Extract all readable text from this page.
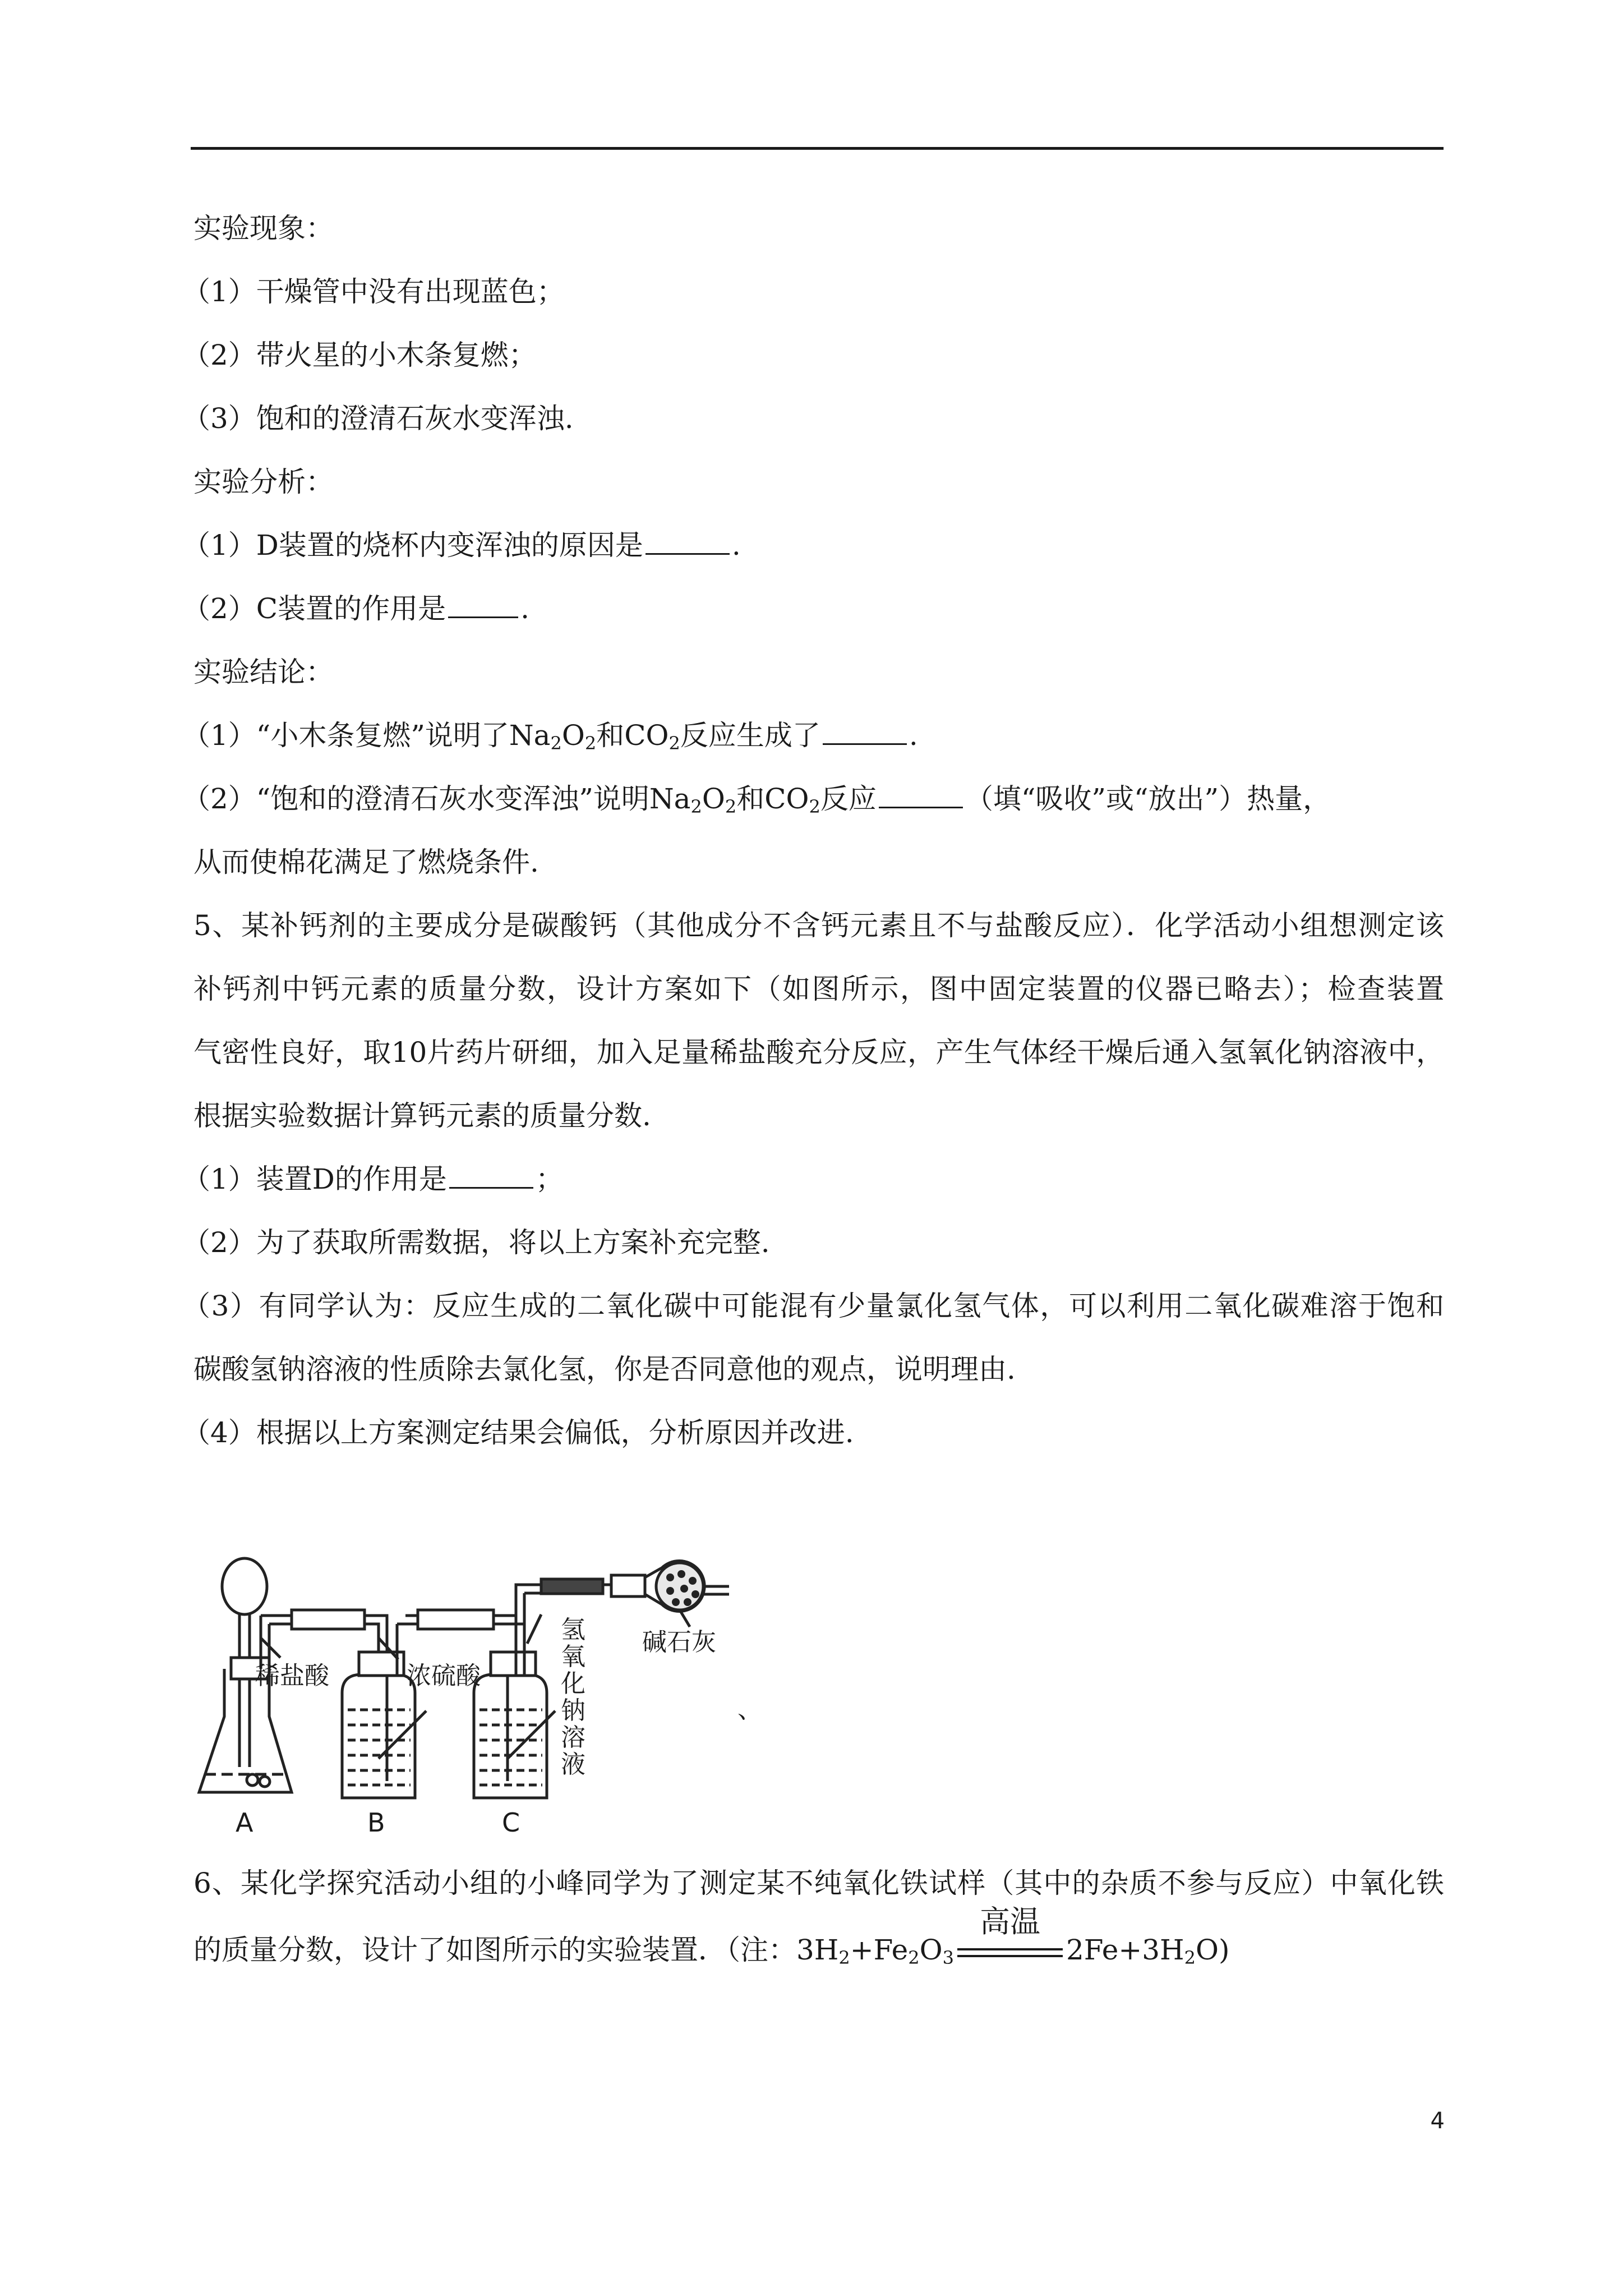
实验现象：
（1）干燥管中没有出现蓝色；
（2）带火星的小木条复燃；
（3）饱和的澄清石灰水变浑浊.
实验分析：
（1）D装置的烧杯内变浑浊的原因是	.
（2）C装置的作用是	.
实验结论：
（1）“小木条复燃”说明了$Na_2O_2$和$CO_2$反应生成了	.
（2）“饱和的澄清石灰水变浑浊”说明$Na_2O_2$和$CO_2$反应	（填“吸收”或“放出”）热量，
从而使棉花满足了燃烧条件.
5、某补钙剂的主要成分是碳酸钙（其他成分不含钙元素且不与盐酸反应）．化学活动小组想测定该
补钙剂中钙元素的质量分数，设计方案如下（如图所示，图中固定装置的仪器已略去）；检查装置
气密性良好，取10片药片研细，加入足量稀盐酸充分反应，产生气体经干燥后通入氢氧化钠溶液中，
根据实验数据计算钙元素的质量分数.
（1）装置D的作用是	；
（2）为了获取所需数据，将以上方案补充完整.
（3）有同学认为：反应生成的二氧化碳中可能混有少量氯化氢气体，可以利用二氧化碳难溶于饱和
碳酸氢钠溶液的性质除去氯化氢，你是否同意他的观点，说明理由.
（4）根据以上方案测定结果会偏低，分析原因并改进.
稀盐酸	浓硫酸
碱石灰
氢
氧
化
钠
溶
液
、
A	B	C
6、某化学探究活动小组的小峰同学为了测定某不纯氧化铁试样（其中的杂质不参与反应）中氧化铁
的质量分数，设计了如图所示的实验装置．（注：$3H_2+Fe_2O_3$
高温
$2Fe+3H_2O$)
4
